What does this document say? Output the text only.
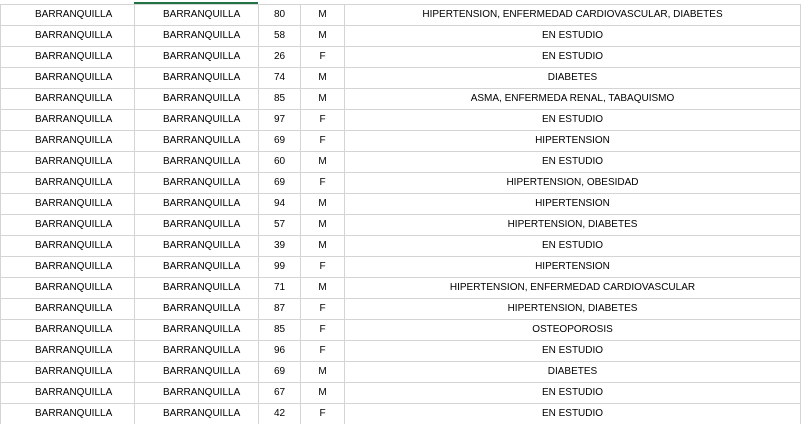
BARRANQUILLA	BARRANQUILLA	80	M	HIPERTENSION, ENFERMEDAD CARDIOVASCULAR, DIABETES
BARRANQUILLA	BARRANQUILLA	58	M	EN ESTUDIO
BARRANQUILLA	BARRANQUILLA	26	F	EN ESTUDIO
BARRANQUILLA	BARRANQUILLA	74	M	DIABETES
BARRANQUILLA	BARRANQUILLA	85	M	ASMA, ENFERMEDA RENAL, TABAQUISMO
BARRANQUILLA	BARRANQUILLA	97	F	EN ESTUDIO
BARRANQUILLA	BARRANQUILLA	69	F	HIPERTENSION
BARRANQUILLA	BARRANQUILLA	60	M	EN ESTUDIO
BARRANQUILLA	BARRANQUILLA	69	F	HIPERTENSION, OBESIDAD
BARRANQUILLA	BARRANQUILLA	94	M	HIPERTENSION
BARRANQUILLA	BARRANQUILLA	57	M	HIPERTENSION, DIABETES
BARRANQUILLA	BARRANQUILLA	39	M	EN ESTUDIO
BARRANQUILLA	BARRANQUILLA	99	F	HIPERTENSION
BARRANQUILLA	BARRANQUILLA	71	M	HIPERTENSION, ENFERMEDAD CARDIOVASCULAR
BARRANQUILLA	BARRANQUILLA	87	F	HIPERTENSION, DIABETES
BARRANQUILLA	BARRANQUILLA	85	F	OSTEOPOROSIS
BARRANQUILLA	BARRANQUILLA	96	F	EN ESTUDIO
BARRANQUILLA	BARRANQUILLA	69	M	DIABETES
BARRANQUILLA	BARRANQUILLA	67	M	EN ESTUDIO
BARRANQUILLA	BARRANQUILLA	42	F	EN ESTUDIO
